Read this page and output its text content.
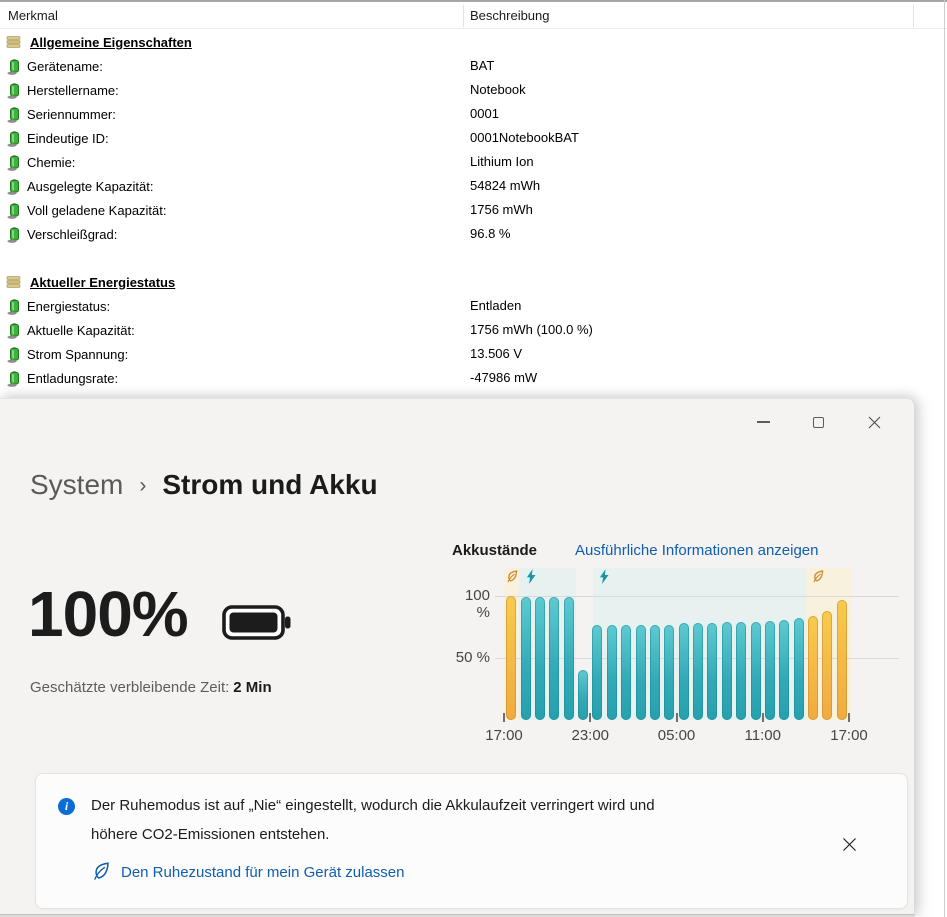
Merkmal	Beschreibung
Allgemeine Eigenschaften
Gerätename:	BAT
Herstellername:	Notebook
Seriennummer:	0001
Eindeutige ID:	0001NotebookBAT
Chemie:	Lithium Ion
Ausgelegte Kapazität:	54824 mWh
Voll geladene Kapazität:	1756 mWh
Verschleißgrad:	96.8 %
Aktueller Energiestatus
Energiestatus:	Entladen
Aktuelle Kapazität:	1756 mWh (100.0 %)
Strom Spannung:	13.506 V
Entladungsrate:	-47986 mW
System › Strom und Akku
100%
Geschätzte verbleibende Zeit: 2 Min
Akkustände	Ausführliche Informationen anzeigen
100 %
50 %
17:00	23:00	05:00	11:00	17:00
i	Der Ruhemodus ist auf „Nie“ eingestellt, wodurch die Akkulaufzeit verringert wird und
höhere CO2-Emissionen entstehen.
Den Ruhezustand für mein Gerät zulassen
